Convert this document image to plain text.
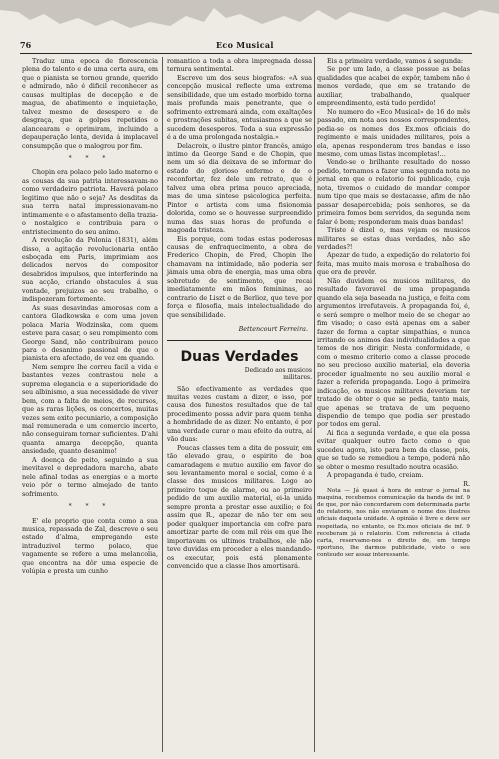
76	Eco Musical

Traduz uma epoca de florescencia plena do talento e de uma certa aura, em que o pianista se tornou grande, querido e admirado, não é dificil reconhecer as causas multiplas de decepção e de magua, de abatimento e inquietação, talvez mesmo de desespero e de desgraça, que a golpes repetidos o alancearam e oprimiram, incluindo a depauperação lenta, devida á implacavel consumpção que o malogrou por fim.

* * *

Chopin era polaco pelo lado materno e as cousas da sua patria interessavam-no como verdadeiro patriota. Haverá polaco legitimo que não o seja? As desditas da sua terra natal impressionavam-no intimamente e o afastamento della trazia-o nostalgico e contribuia para o entristecimento do seu animo.

A revolução da Polonia (1831), além disso, a agitação revolucionaria então esboçada em Paris, imprimiam aos delicados nervos do compositor desabridos impulsos, que interferindo na sua acção, criando obstaculos á sua vontade, prejuizos ao seu trabalho, o indispozeram fortemente.

As suas desavindas amorosas com a cantora Gladkowska e com uma joven polaca Maria Wodzinska, com quem esteve para casar, o seu rompimento com George Sand, não contribuiram pouco para o desanimo passional de que o pianista era afectado, de vez em quando.

Nem sempre lhe correu facil a vida e bastantes vezes contrastou nele a suprema elegancia e a superioridade do seu albinismo, a sua necessidade de viver bem, com a falta de meios, de recursos, que as raras lições, os concertos, muitas vezes sem exito pecuniario, a composição mal remunerada e um comercio incerto, não conseguiram tornar suficientes. D'ahi quanta amarga decepção, quanta ansiedade, quanto desanimo!

A doença de peito, seguindo a sua inevitavel e depredadora marcha, abate nele afinal todas as energias e a morte veio pôr o termo almejado de tanto sofrimento.

* * *

E' ele proprio que conta como a sua musica, repassada de Zal, descreve o seu estado d'alma, empregando este intraduzivel termo polaco, que vagamente se refere a uma melancolia, que encontra na dôr uma especie de volúpia e presta um cunho

romantico a toda a obra impregnada dessa ternura sentimental.

Escreve um dos seus biografos: «A sua concepção musical reflecte uma extrema sensibilidade, que um estado morbido torna mais profunda mais penetrante, que o sofrimento extremará ainda, com exaltações e prostrações subitas, entusiasmos a que se sucedem desesperos. Toda a sua expressão é a de uma prolongada nostalgia.»

Delacroix, o ilustre pintor francês, amigo intimo da George Sand e de Chopin, que nem um só dia deixava de se informar do estado do glorioso enfermo e de o reconfortar, fez dele um retrato, que é talvez uma obra prima pouco apreciada, mas de uma sintese psicologica perfeita. Pintor e artista com uma fisionomia dolorida, como se o houvesse surpreendido numa das suas horas de profunda e magoada tristeza.

Eis porque, com todas estas poderosas causas de enfraquecimento, a obra de Frederico Chopin, de Fred, Chopin lhe chamavam na intimidade, não poderia ser jámais uma obra de energia, mas uma obra sobretudo de sentimento, que recai imediatamente em mãos femininas, ao contrario de Liszt e de Berlioz, que teve por força e filosofia, mais intelectualidade do que sensibilidade.

Bettencourt Ferreira.
Duas Verdades
Dedicado aos musicos militares.

São efectivamente as verdades que muitas vezes custam a dizer, e isso, por causa dos funestos resultados que de tal procedimento possa advir para quem tenha a hombridade de as dizer. No entanto, é por uma verdade curar o mau efeito da outra, aí vão duas:

Poucas classes tem a dita de possuir, em tão elevado grau, o espirito de boa camaradagem e mutuo auxilio em favor do seu levantamento moral e social, como é a classe dos musicos militares. Logo ao primeiro toque de alarme, ou ao primeiro pedido de um auxilio material, ei-la unida sempre pronta a prestar esse auxilio; e foi assim que R., apezar de não ter em seu poder qualquer importancia em cofre para amortizar parte de com mil réis em que lhe importavam os ultimos trabalhos, ele não teve duvidas em proceder a eles mandando-os executar, pois está plenamente convencido que a classe lhos amortisará.

Eis a primeira verdade, vamos á segunda:

Se por um lado, a classe possue as belas qualidades que acabei de expôr, tambem não é menos verdade, que em se tratando de auxiliar, trabalhando, qualquer empreendimento, está tudo perdido!

No numero do «Eco Musical» de 16 do mês passado, em nota aos nossos correspondentes, pedia-se os nomes dos Ex.mos oficiais do regimento e mais unidades militares, pois a ela, apenas responderam tres bandas e isso mesmo, com umas listas incompletas!...

Vendo-se o brilhante resultado do nosso pedido, tornamos a fazer uma segunda nota no jornal em que o relatorio foi publicado, cuja nota, tivemos o cuidado de mandar compor num tipo que mais se destacasse, afim de não passar desapercebida; pois senhores, se da primeira fomos bem servidos, da segunda nem falar é bom; responderam mais duas bandas!

Triste é dizel o, mas vejam os musicos militares se estas duas verdades, não são verdades?!

Apezar de tudo, a expedição do relatorio foi feita, mas muito mais morosa e trabalhosa do que era de prevêr.

Não duvidem os musicos militares, do resultado favoravel de uma propaganda quando ela seja baseada na justiça, e feita com argumentos irrefutaveis. A propaganda foi, é, e será sempre o melhor meio de se chegar ao fim visado; o caso está apenas em a saber fazer de forma a captar simpathias, e nunca irritando os animos das individualidades a que temos de nos dirigir. Nesta conformidade, e com o mesmo criterio como a classe procede no seu precioso auxilio material, ela deveria proceder igualmente no seu auxilio moral e fazer a referida propaganda. Logo á primeira indicação, os musicos militares deveriam ter tratado de obter o que se pedia, tanto mais, que apenas se tratava de um pequeno dispendio de tempo que podia ser prestado por todos em geral.

Ai fica a segunda verdade, e que ela possa evitar qualquer outro facto como o que sucedeu agora, isto para bem da classe, pois, que se tudo se remediou a tempo, poderá não se obter o mesmo resultado noutra ocasião.

A propaganda é tudo, creiam.

R.

Nota — Já quasi á hora de entrar o jornal na maquina, recebemos comunicação da banda de inf. 9 de que, por não concordarem com determinada parte do relatorio, nos não enviaram o nome dos ilustres oficiais daquela unidade. A opinião é livre e deve ser respeitada, no entanto, os Ex.mos oficiais de inf. 9 receberam já o relatorio. Com referencia á citada carta, reservamo-nos o direito de, em tempo oportuno, lhe darmos publicidade, visto o seu conteudo ser assaz interessante.
